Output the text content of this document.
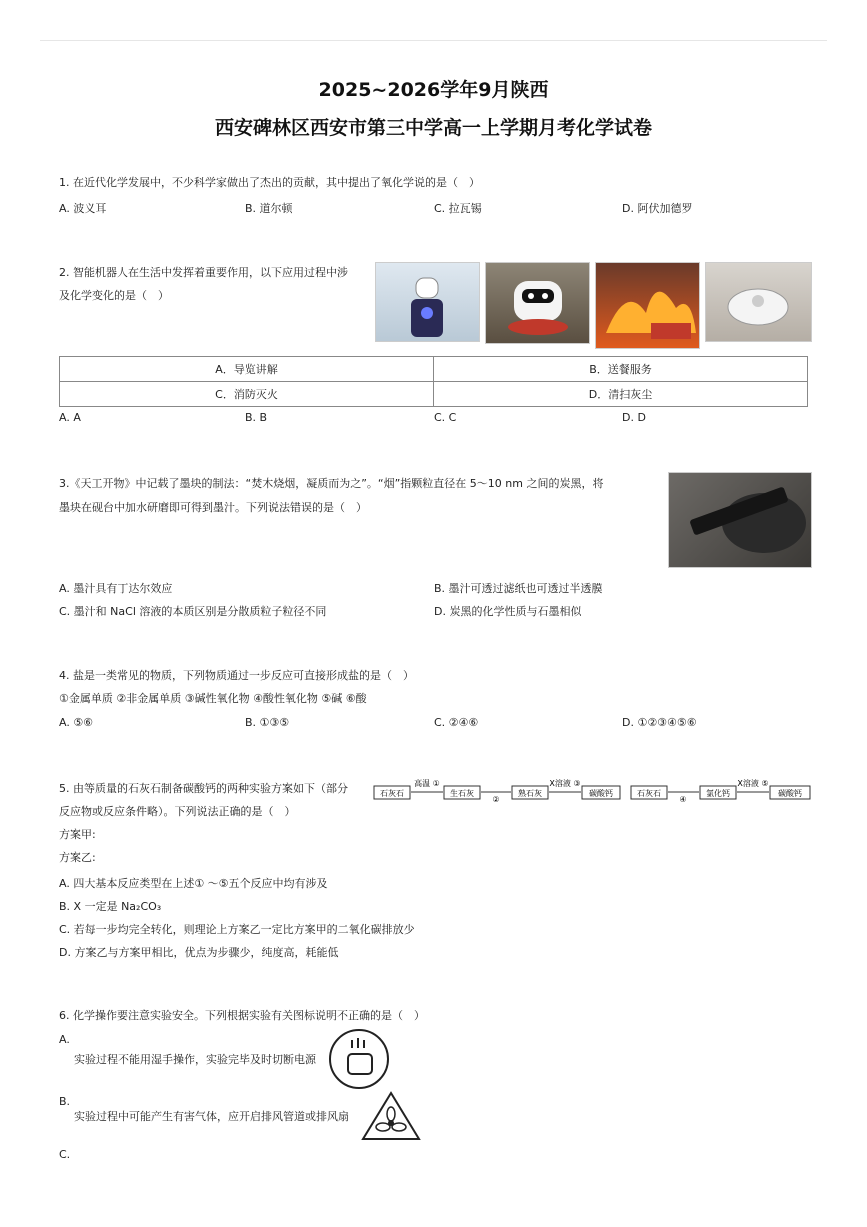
2025~2026学年9月陕西
西安碑林区西安市第三中学高一上学期月考化学试卷
1. 在近代化学发展中，不少科学家做出了杰出的贡献，其中提出了氧化学说的是（　）
A. 波义耳	B. 道尔顿	C. 拉瓦锡	D. 阿伏加德罗
2. 智能机器人在生活中发挥着重要作用，以下应用过程中涉
及化学变化的是（　）
A．导览讲解	B．送餐服务
C．消防灭火	D．清扫灰尘
A. A	B. B	C. C	D. D
3.《天工开物》中记载了墨块的制法：“焚木烧烟，凝质而为之”。“烟”指颗粒直径在 5～10 nm 之间的炭黑，将
墨块在砚台中加水研磨即可得到墨汁。下列说法错误的是（　）
A. 墨汁具有丁达尔效应	B. 墨汁可透过滤纸也可透过半透膜
C. 墨汁和 NaCl 溶液的本质区别是分散质粒子粒径不同	D. 炭黑的化学性质与石墨相似
4. 盐是一类常见的物质，下列物质通过一步反应可直接形成盐的是（　）
①金属单质 ②非金属单质 ③碱性氧化物 ④酸性氧化物 ⑤碱 ⑥酸
A. ⑤⑥	B. ①③⑤	C. ②④⑥	D. ①②③④⑤⑥
5. 由等质量的石灰石制备碳酸钙的两种实验方案如下（部分
反应物或反应条件略）。下列说法正确的是（　）
石灰石
高温 ①
生石灰
②
熟石灰
X溶液 ③
碳酸钙	石灰石
④
氯化钙
X溶液 ⑤
碳酸钙
方案甲:
方案乙:
A. 四大基本反应类型在上述① ～⑤五个反应中均有涉及
B. X 一定是 Na₂CO₃
C. 若每一步均完全转化，则理论上方案乙一定比方案甲的二氧化碳排放少
D. 方案乙与方案甲相比，优点为步骤少，纯度高，耗能低
6. 化学操作要注意实验安全。下列根据实验有关图标说明不正确的是（　）
A.
实验过程不能用湿手操作，实验完毕及时切断电源
B.
实验过程中可能产生有害气体，应开启排风管道或排风扇
C.
